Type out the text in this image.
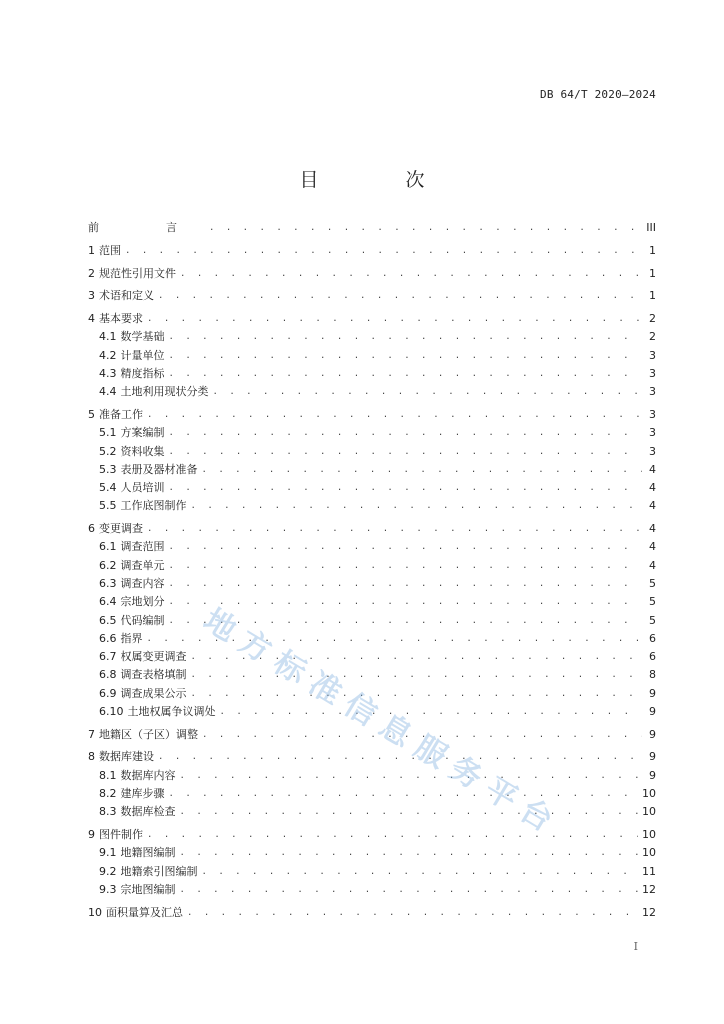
DB 64/T 2020—2024
目　次
前　言 . . .	III
1 范围 . . .	1
2 规范性引用文件 . . .	1
3 术语和定义 . . .	1
4 基本要求 . . .	2
4.1 数学基础 . . .	2
4.2 计量单位 . . .	3
4.3 精度指标 . . .	3
4.4 土地利用现状分类 . . .	3
5 准备工作 . . .	3
5.1 方案编制 . . .	3
5.2 资料收集 . . .	3
5.3 表册及器材准备 . . .	4
5.4 人员培训 . . .	4
5.5 工作底图制作 . . .	4
6 变更调查 . . .	4
6.1 调查范围 . . .	4
6.2 调查单元 . . .	4
6.3 调查内容 . . .	5
6.4 宗地划分 . . .	5
6.5 代码编制 . . .	5
6.6 指界 . . .	6
6.7 权属变更调查 . . .	6
6.8 调查表格填制 . . .	8
6.9 调查成果公示 . . .	9
6.10 土地权属争议调处 . . .	9
7 地籍区（子区）调整 . . .	9
8 数据库建设 . . .	9
8.1 数据库内容 . . .	9
8.2 建库步骤 . . .	10
8.3 数据库检查 . . .	10
9 图件制作 . . .	10
9.1 地籍图编制 . . .	10
9.2 地籍索引图编制 . . .	11
9.3 宗地图编制 . . .	12
10 面积量算及汇总 . . .	12
地方标准信息服务平台
I
